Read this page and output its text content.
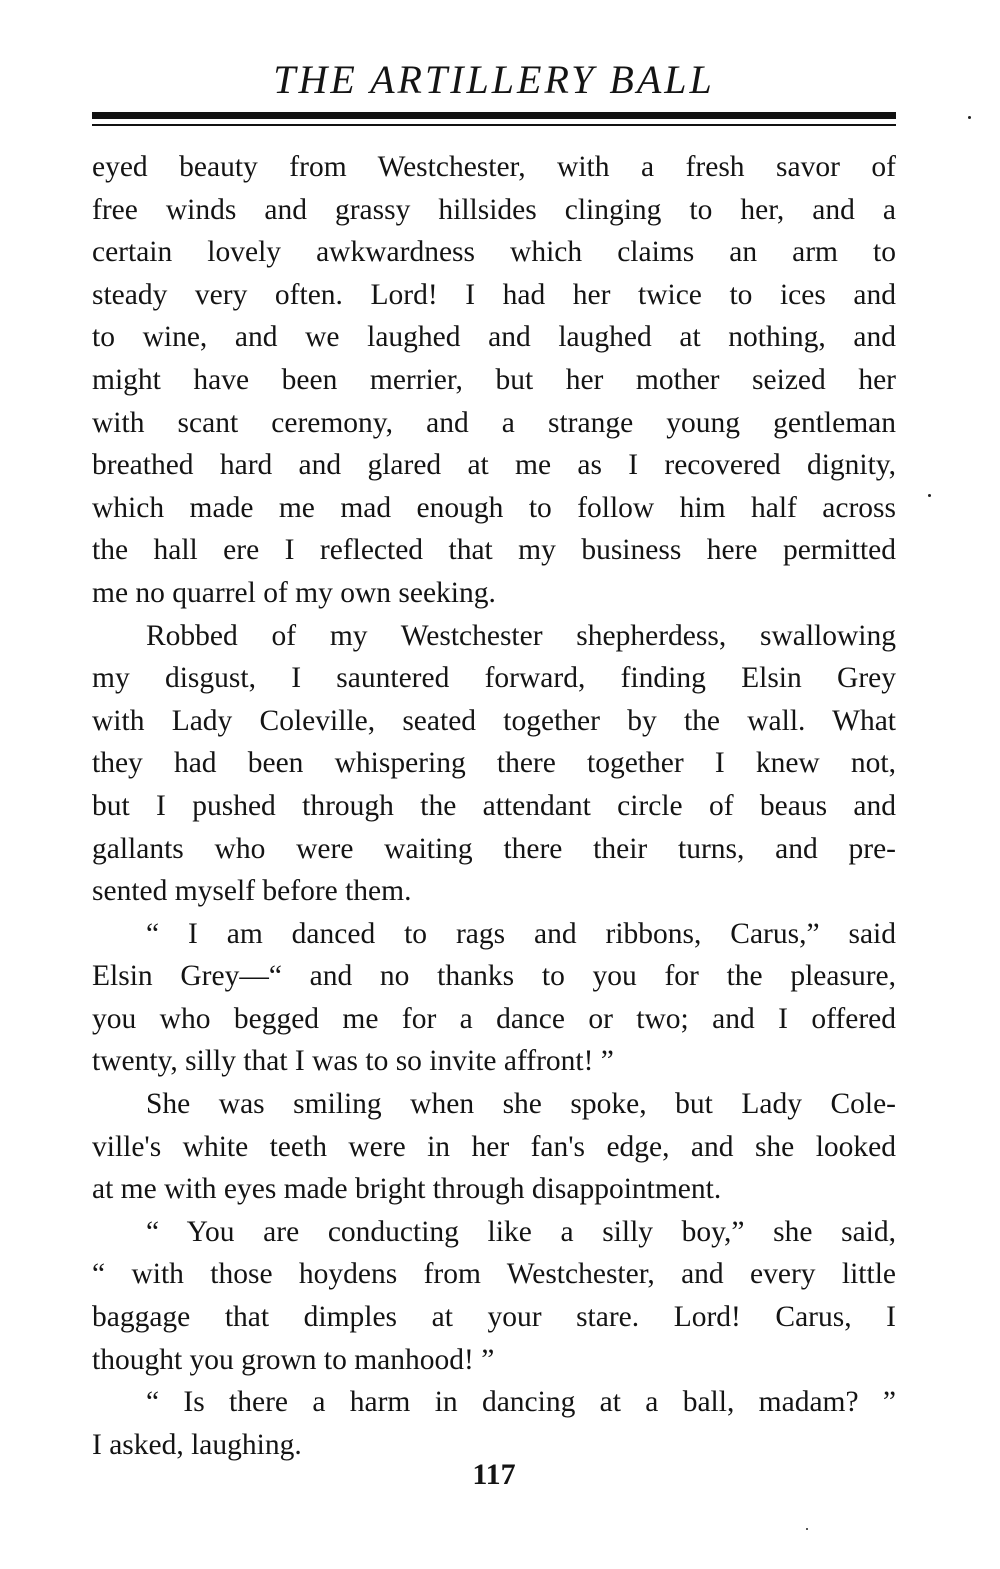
THE ARTILLERY BALL
eyed beauty from Westchester, with a fresh savor of
free winds and grassy hillsides clinging to her, and a
certain lovely awkwardness which claims an arm to
steady very often. Lord! I had her twice to ices and
to wine, and we laughed and laughed at nothing, and
might have been merrier, but her mother seized her
with scant ceremony, and a strange young gentleman
breathed hard and glared at me as I recovered dignity,
which made me mad enough to follow him half across
the hall ere I reflected that my business here permitted
me no quarrel of my own seeking.
Robbed of my Westchester shepherdess, swallowing
my disgust, I sauntered forward, finding Elsin Grey
with Lady Coleville, seated together by the wall. What
they had been whispering there together I knew not,
but I pushed through the attendant circle of beaus and
gallants who were waiting there their turns, and pre-
sented myself before them.
“ I am danced to rags and ribbons, Carus,” said
Elsin Grey—“ and no thanks to you for the pleasure,
you who begged me for a dance or two; and I offered
twenty, silly that I was to so invite affront! ”
She was smiling when she spoke, but Lady Cole-
ville's white teeth were in her fan's edge, and she looked
at me with eyes made bright through disappointment.
“ You are conducting like a silly boy,” she said,
“ with those hoydens from Westchester, and every little
baggage that dimples at your stare. Lord! Carus, I
thought you grown to manhood! ”
“ Is there a harm in dancing at a ball, madam? ”
I asked, laughing.
117
